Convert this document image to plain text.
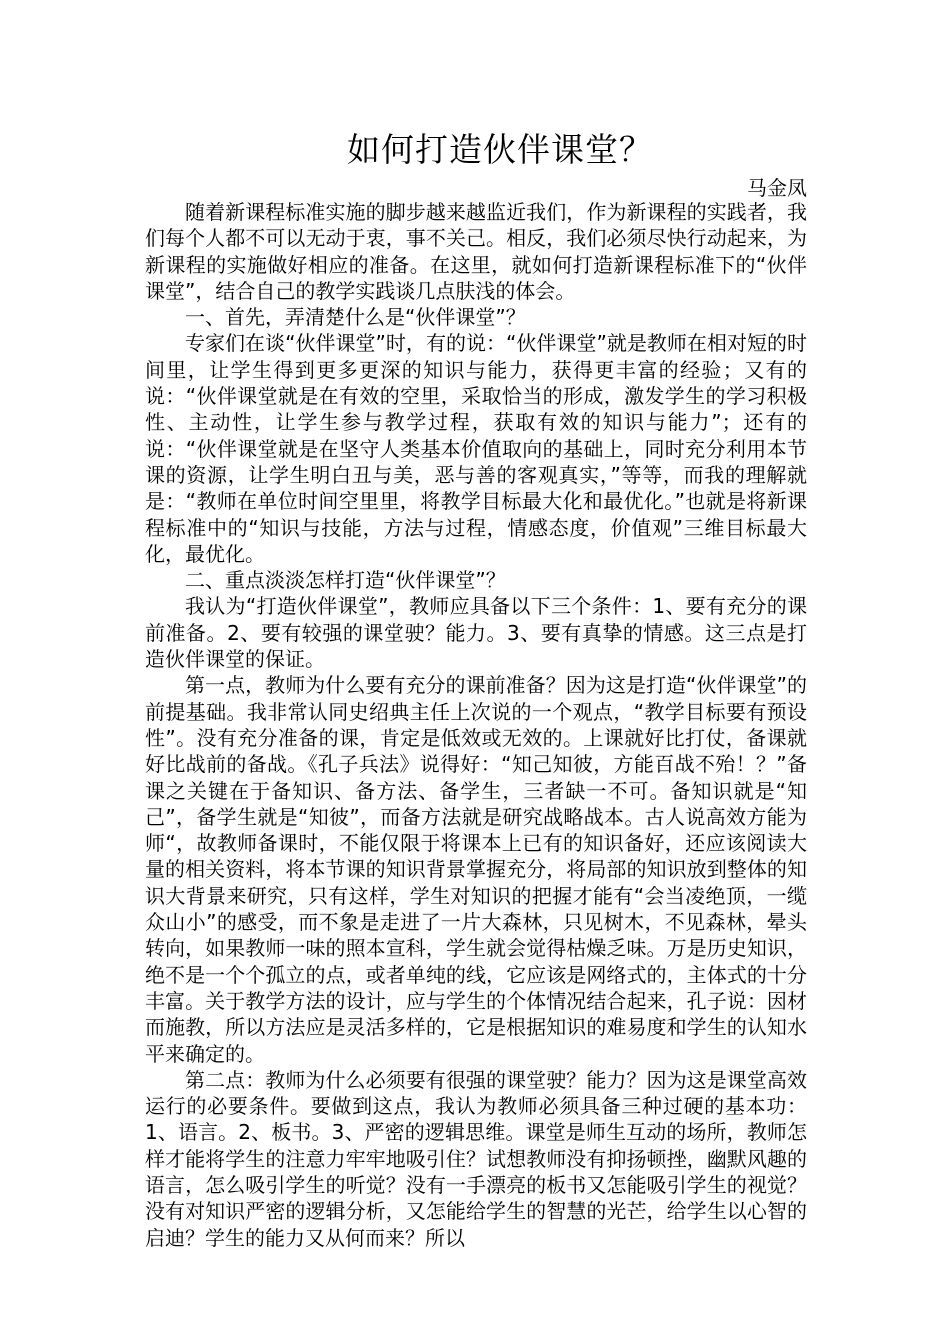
如何打造伙伴课堂？

马金凤

随着新课程标准实施的脚步越来越监近我们，作为新课程的实践者，我们每个人都不可以无动于衷，事不关己。相反，我们必须尽快行动起来，为新课程的实施做好相应的准备。在这里，就如何打造新课程标准下的“伙伴课堂”，结合自己的教学实践谈几点肤浅的体会。

一、首先，弄清楚什么是“伙伴课堂”？

专家们在谈“伙伴课堂”时，有的说：“伙伴课堂”就是教师在相对短的时间里，让学生得到更多更深的知识与能力，获得更丰富的经验；又有的说：“伙伴课堂就是在有效的空里，采取恰当的形成，激发学生的学习积极性、主动性，让学生参与教学过程，获取有效的知识与能力”；还有的说：“伙伴课堂就是在坚守人类基本价值取向的基础上，同时充分利用本节课的资源，让学生明白丑与美，恶与善的客观真实，”等等，而我的理解就是：“教师在单位时间空里里，将教学目标最大化和最优化。”也就是将新课程标准中的“知识与技能，方法与过程，情感态度，价值观”三维目标最大化，最优化。

二、重点淡淡怎样打造“伙伴课堂”？

我认为“打造伙伴课堂”，教师应具备以下三个条件：1、要有充分的课前准备。2、要有较强的课堂驶？能力。3、要有真挚的情感。这三点是打造伙伴课堂的保证。

第一点，教师为什么要有充分的课前准备？因为这是打造“伙伴课堂”的前提基础。我非常认同史绍典主任上次说的一个观点，“教学目标要有预设性”。没有充分准备的课，肯定是低效或无效的。上课就好比打仗，备课就好比战前的备战。《孔子兵法》说得好：“知己知彼，方能百战不殆！？”备课之关键在于备知识、备方法、备学生，三者缺一不可。备知识就是“知己”，备学生就是“知彼”，而备方法就是研究战略战本。古人说高效方能为师“，故教师备课时，不能仅限于将课本上已有的知识备好，还应该阅读大量的相关资料，将本节课的知识背景掌握充分，将局部的知识放到整体的知识大背景来研究，只有这样，学生对知识的把握才能有“会当凌绝顶，一缆众山小”的感受，而不象是走进了一片大森林，只见树木，不见森林，晕头转向，如果教师一味的照本宣科，学生就会觉得枯燥乏味。万是历史知识，绝不是一个个孤立的点，或者单纯的线，它应该是网络式的，主体式的十分丰富。关于教学方法的设计，应与学生的个体情况结合起来，孔子说：因材而施教，所以方法应是灵活多样的，它是根据知识的难易度和学生的认知水平来确定的。

第二点：教师为什么必须要有很强的课堂驶？能力？因为这是课堂高效运行的必要条件。要做到这点，我认为教师必须具备三种过硬的基本功：1、语言。2、板书。3、严密的逻辑思维。课堂是师生互动的场所，教师怎样才能将学生的注意力牢牢地吸引住？试想教师没有抑扬顿挫，幽默风趣的语言，怎么吸引学生的听觉？没有一手漂亮的板书又怎能吸引学生的视觉？没有对知识严密的逻辑分析，又怎能给学生的智慧的光芒，给学生以心智的启迪？学生的能力又从何而来？所以
